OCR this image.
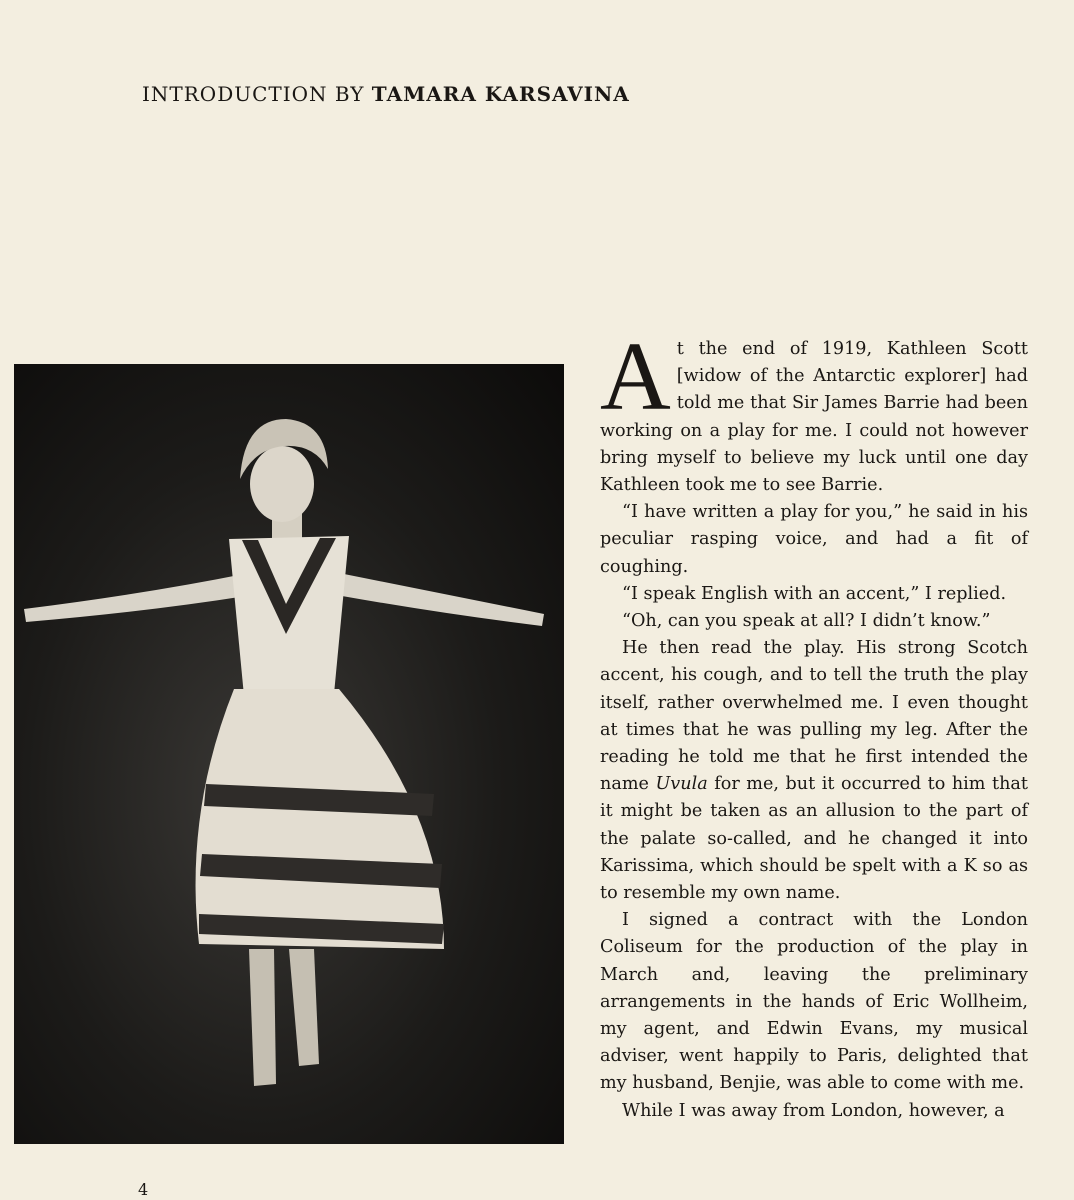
INTRODUCTION BY TAMARA KARSAVINA

At the end of 1919, Kathleen Scott [widow of the Antarctic explorer] had told me that Sir James Barrie had been working on a play for me. I could not however bring myself to believe my luck until one day Kathleen took me to see Barrie.

“I have written a play for you,” he said in his peculiar rasping voice, and had a fit of coughing.

“I speak English with an accent,” I replied.

“Oh, can you speak at all? I didn’t know.”

He then read the play. His strong Scotch accent, his cough, and to tell the truth the play itself, rather overwhelmed me. I even thought at times that he was pulling my leg. After the reading he told me that he first intended the name Uvula for me, but it occurred to him that it might be taken as an allusion to the part of the palate so-called, and he changed it into Karissima, which should be spelt with a K so as to resemble my own name.

I signed a contract with the London Coliseum for the production of the play in March and, leaving the preliminary arrangements in the hands of Eric Wollheim, my agent, and Edwin Evans, my musical adviser, went happily to Paris, delighted that my husband, Benjie, was able to come with me.

While I was away from London, however, a

4
